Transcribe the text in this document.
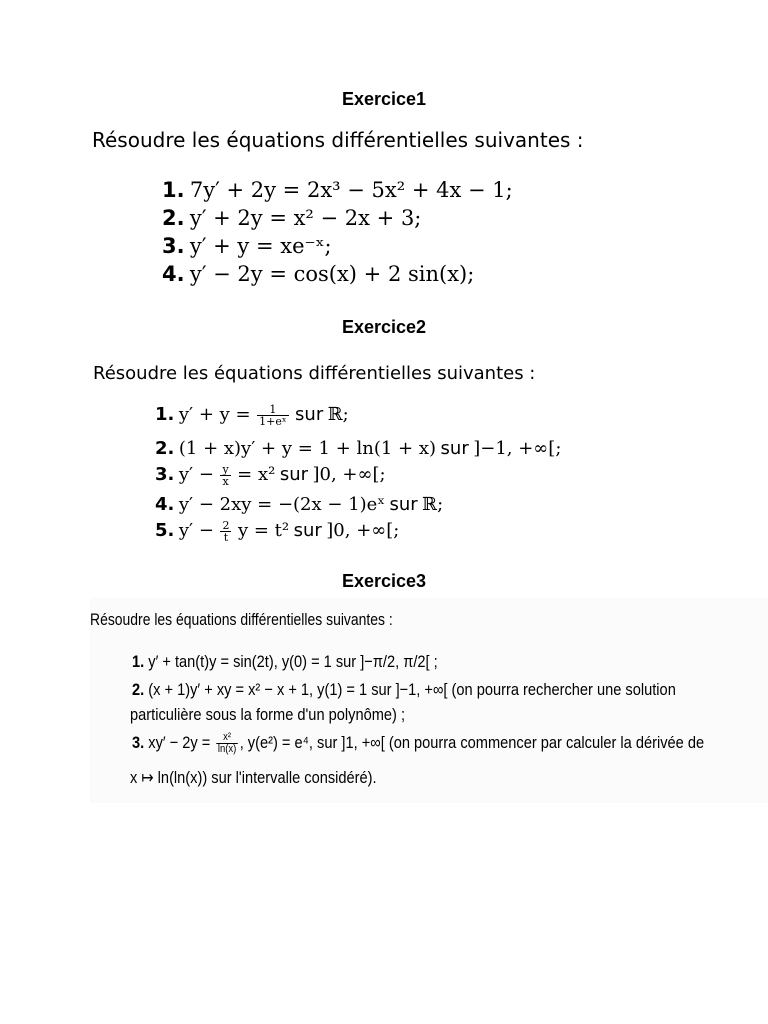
Exercice1
Résoudre les équations différentielles suivantes :
1. 7y′ + 2y = 2x³ − 5x² + 4x − 1;
2. y′ + 2y = x² − 2x + 3;
3. y′ + y = xe⁻ˣ;
4. y′ − 2y = cos(x) + 2 sin(x);
Exercice2
Résoudre les équations différentielles suivantes :
1. $y' + y = \frac{1}{\text{1+eˣ}}$ sur ℝ;
2. (1 + x)y′ + y = 1 + ln(1 + x) sur ]−1, +∞[;
3. $y' - \frac{y}{x} = x^2$ sur ]0, +∞[;
4. y′ − 2xy = −(2x − 1)eˣ sur ℝ;
5. $y' - \frac{2}{t}$ y = t² sur ]0, +∞[;
Exercice3
Résoudre les équations différentielles suivantes :
1. y′ + tan(t)y = sin(2t), y(0) = 1 sur ]−π/2, π/2[ ;
2. (x + 1)y′ + xy = x² − x + 1, y(1) = 1 sur ]−1, +∞[ (on pourra rechercher une solution
particulière sous la forme d'un polynôme) ;
3. $xy' - 2y = \frac{\text{x²}}{\ln(x)}$ , y(e²) = e⁴, sur ]1, +∞[ (on pourra commencer par calculer la dérivée de
x ↦ ln(ln(x)) sur l'intervalle considéré).
